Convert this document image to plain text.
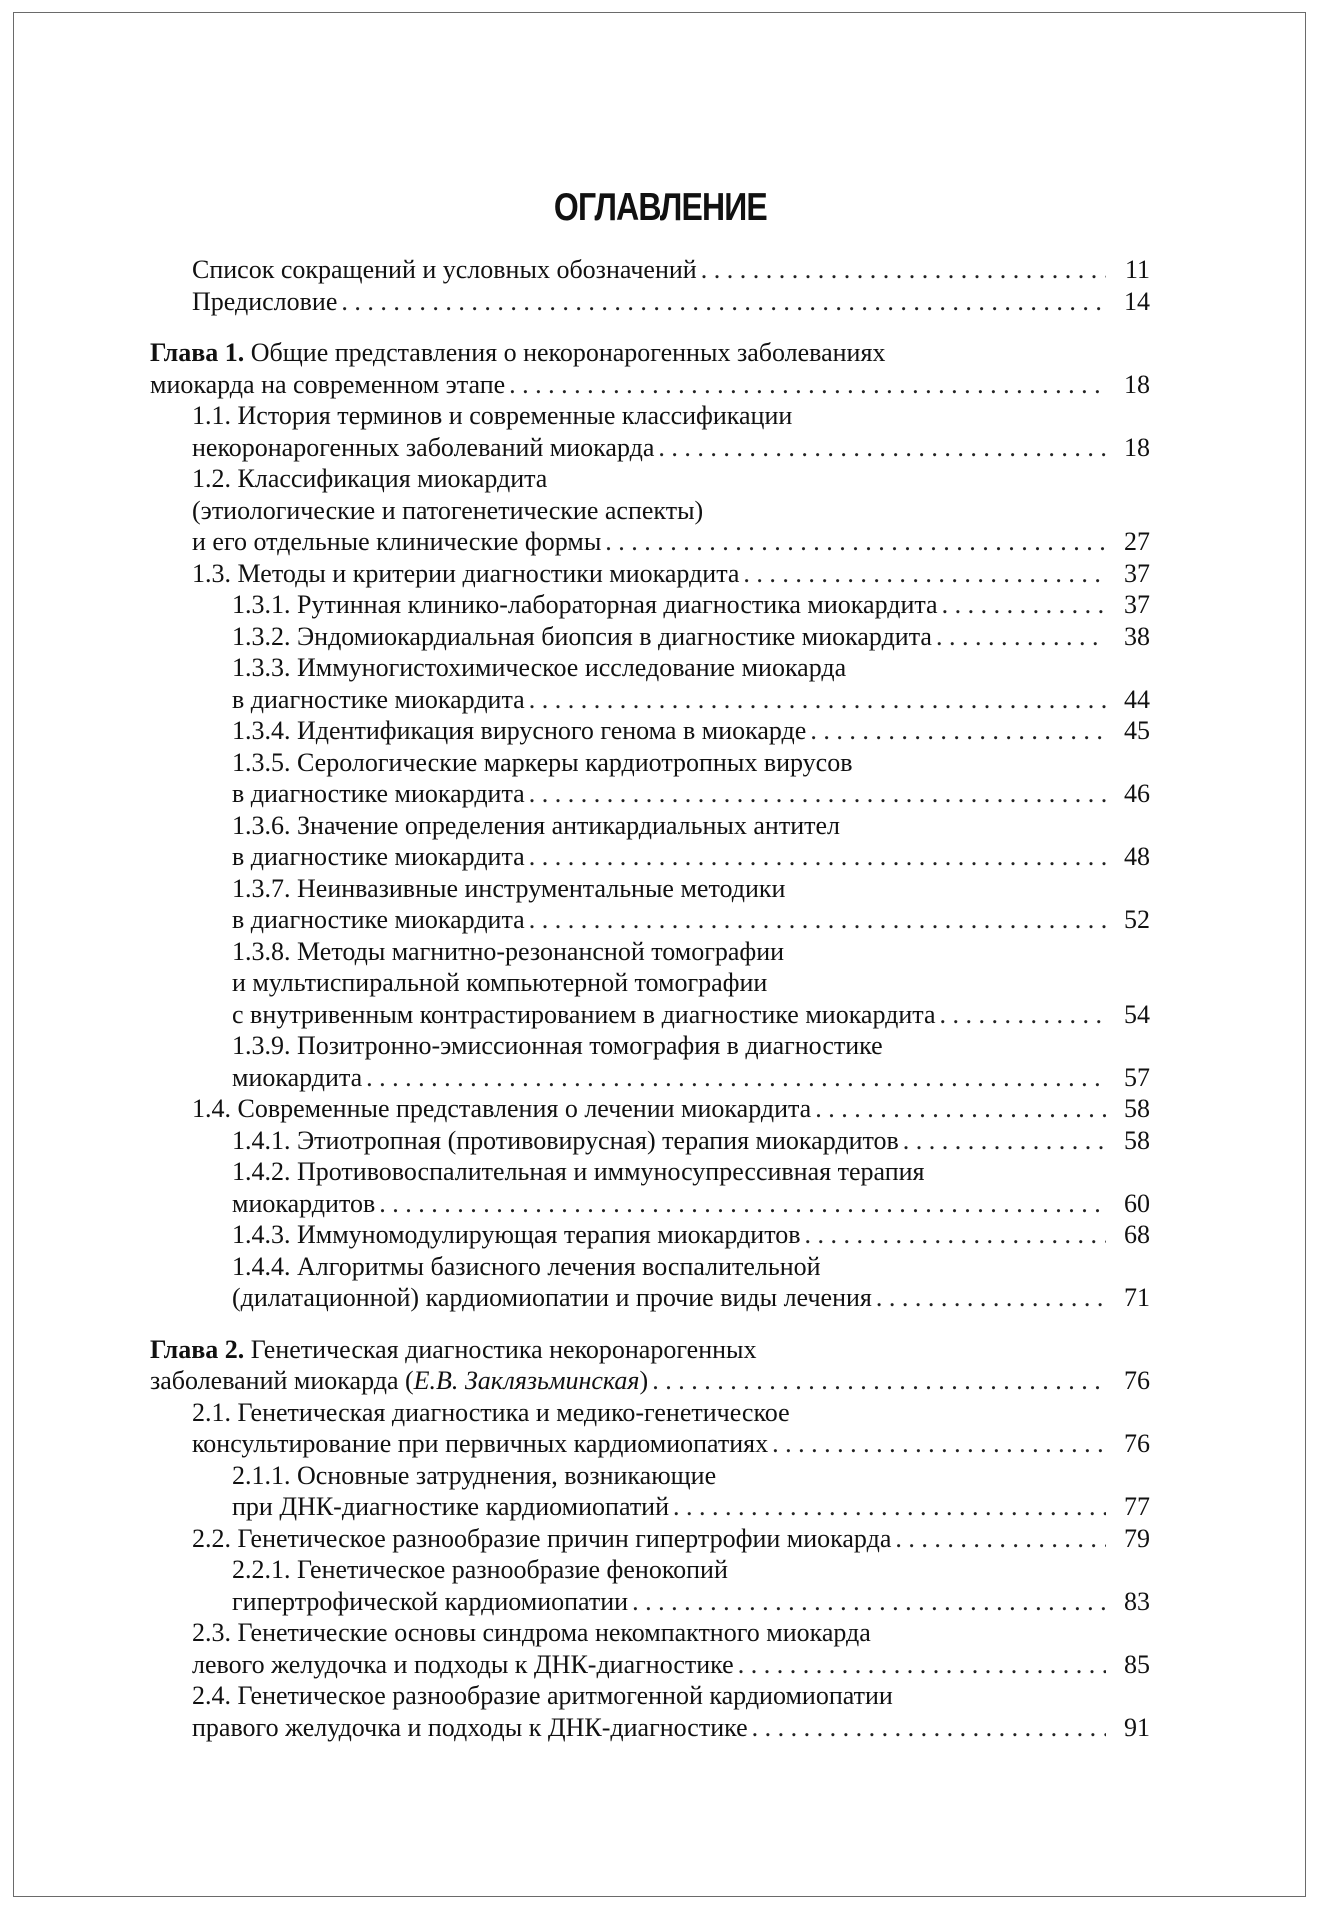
ОГЛАВЛЕНИЕ
Список сокращений и условных обозначений . . .	11
Предисловие . . .	14
Глава 1. Общие представления о некоронарогенных заболеваниях
миокарда на современном этапе . . .	18
1.1. История терминов и современные классификации
некоронарогенных заболеваний миокарда . . .	18
1.2. Классификация миокардита
(этиологические и патогенетические аспекты)
и его отдельные клинические формы . . .	27
1.3. Методы и критерии диагностики миокардита . . .	37
1.3.1. Рутинная клинико-лабораторная диагностика миокардита . . .	37
1.3.2. Эндомиокардиальная биопсия в диагностике миокардита . . .	38
1.3.3. Иммуногистохимическое исследование миокарда
в диагностике миокардита . . .	44
1.3.4. Идентификация вирусного генома в миокарде . . .	45
1.3.5. Серологические маркеры кардиотропных вирусов
в диагностике миокардита . . .	46
1.3.6. Значение определения антикардиальных антител
в диагностике миокардита . . .	48
1.3.7. Неинвазивные инструментальные методики
в диагностике миокардита . . .	52
1.3.8. Методы магнитно-резонансной томографии
и мультиспиральной компьютерной томографии
с внутривенным контрастированием в диагностике миокардита . . .	54
1.3.9. Позитронно-эмиссионная томография в диагностике
миокардита . . .	57
1.4. Современные представления о лечении миокардита . . .	58
1.4.1. Этиотропная (противовирусная) терапия миокардитов . . .	58
1.4.2. Противовоспалительная и иммуносупрессивная терапия
миокардитов . . .	60
1.4.3. Иммуномодулирующая терапия миокардитов . . .	68
1.4.4. Алгоритмы базисного лечения воспалительной
(дилатационной) кардиомиопатии и прочие виды лечения . . .	71
Глава 2. Генетическая диагностика некоронарогенных
заболеваний миокарда (Е.В. Заклязьминская) . . .	76
2.1. Генетическая диагностика и медико-генетическое
консультирование при первичных кардиомиопатиях . . .	76
2.1.1. Основные затруднения, возникающие
при ДНК-диагностике кардиомиопатий . . .	77
2.2. Генетическое разнообразие причин гипертрофии миокарда . . .	79
2.2.1. Генетическое разнообразие фенокопий
гипертрофической кардиомиопатии . . .	83
2.3. Генетические основы синдрома некомпактного миокарда
левого желудочка и подходы к ДНК-диагностике . . .	85
2.4. Генетическое разнообразие аритмогенной кардиомиопатии
правого желудочка и подходы к ДНК-диагностике . . .	91
